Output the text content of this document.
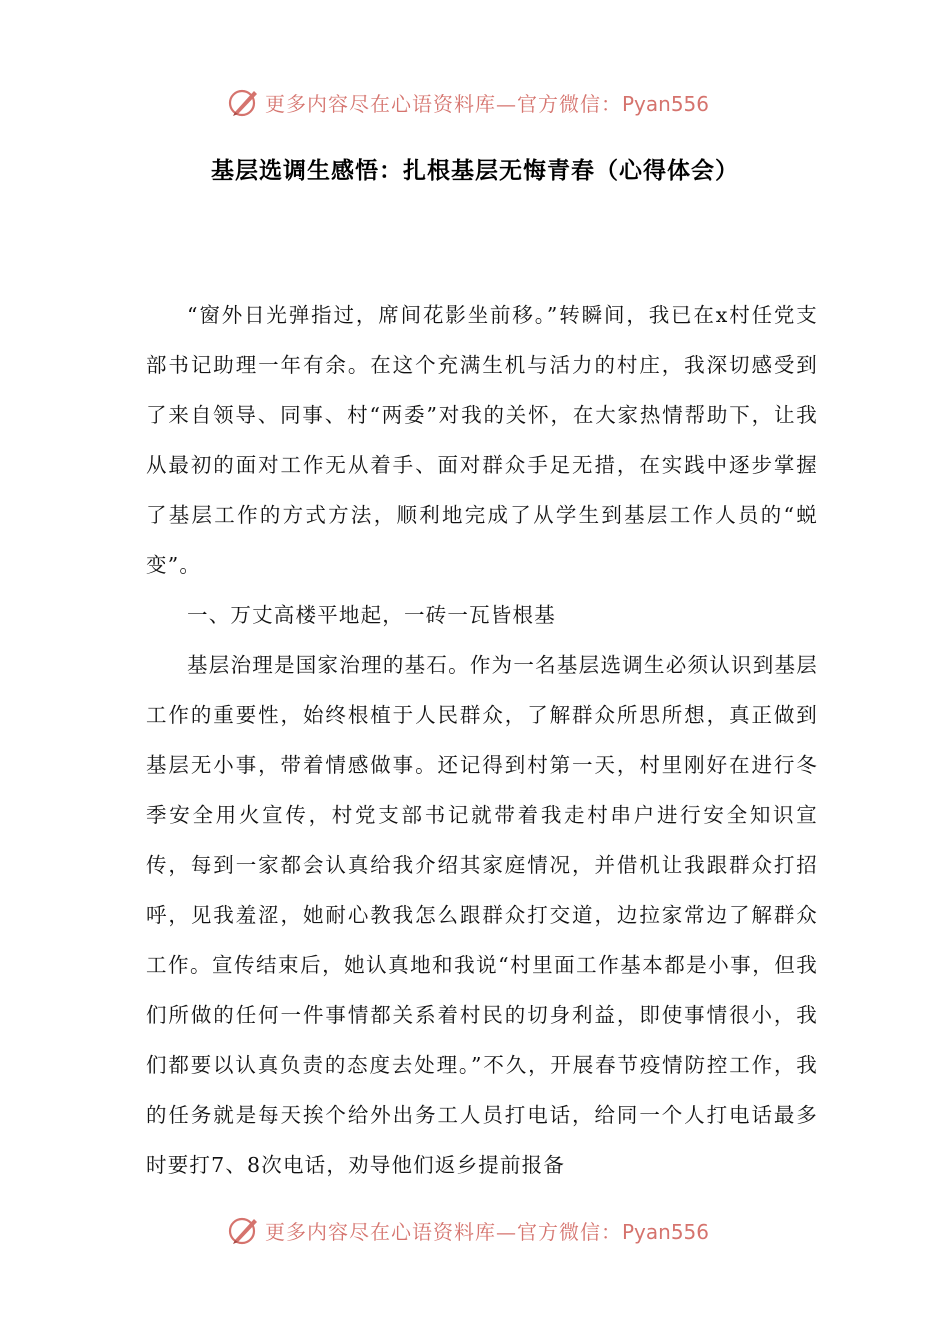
更多内容尽在心语资料库—官方微信：Pyan556
基层选调生感悟：扎根基层无悔青春（心得体会）

“窗外日光弹指过，席间花影坐前移。”转瞬间，我已在x村任党支部书记助理一年有余。在这个充满生机与活力的村庄，我深切感受到了来自领导、同事、村“两委”对我的关怀，在大家热情帮助下，让我从最初的面对工作无从着手、面对群众手足无措，在实践中逐步掌握了基层工作的方式方法，顺利地完成了从学生到基层工作人员的“蜕变”。

一、万丈高楼平地起，一砖一瓦皆根基

基层治理是国家治理的基石。作为一名基层选调生必须认识到基层工作的重要性，始终根植于人民群众，了解群众所思所想，真正做到基层无小事，带着情感做事。还记得到村第一天，村里刚好在进行冬季安全用火宣传，村党支部书记就带着我走村串户进行安全知识宣传，每到一家都会认真给我介绍其家庭情况，并借机让我跟群众打招呼，见我羞涩，她耐心教我怎么跟群众打交道，边拉家常边了解群众工作。宣传结束后，她认真地和我说“村里面工作基本都是小事，但我们所做的任何一件事情都关系着村民的切身利益，即使事情很小，我们都要以认真负责的态度去处理。”不久，开展春节疫情防控工作，我的任务就是每天挨个给外出务工人员打电话，给同一个人打电话最多时要打7、8次电话，劝导他们返乡提前报备

更多内容尽在心语资料库—官方微信：Pyan556
